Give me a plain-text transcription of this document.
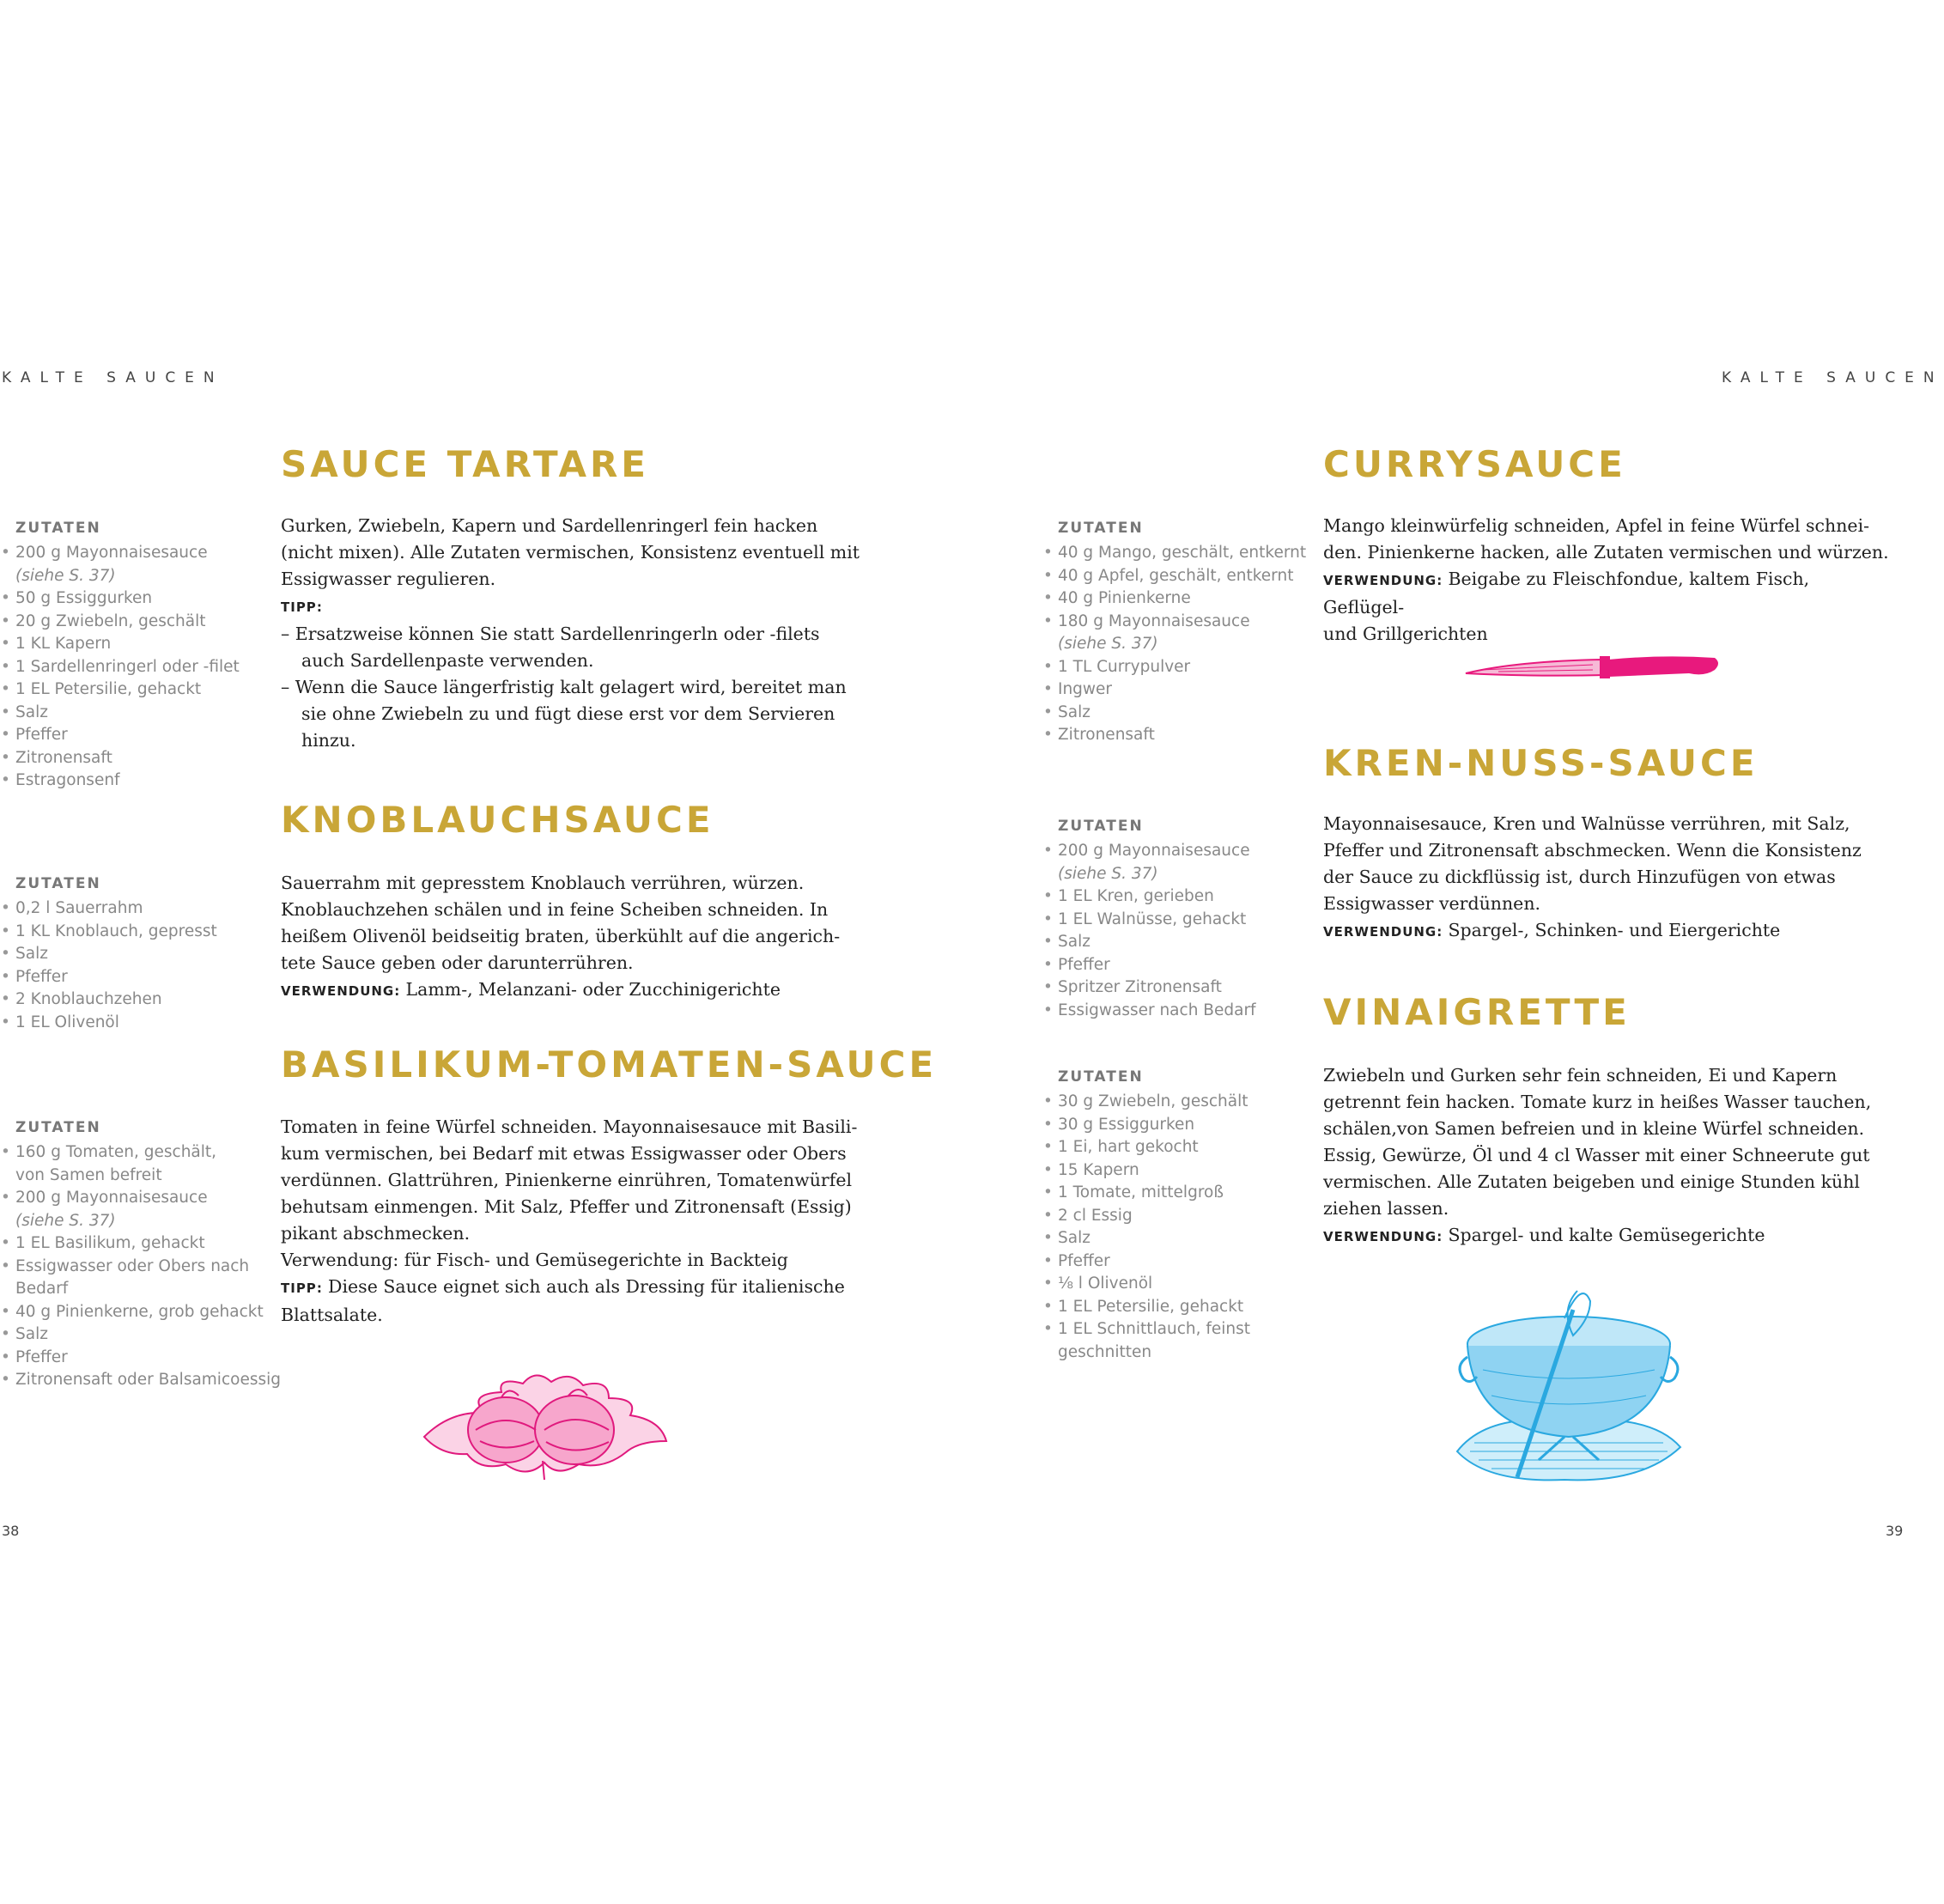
KALTE SAUCEN	KALTE SAUCEN
ZUTATEN
• 200 g Mayonnaisesauce
(siehe S. 37)
• 50 g Essiggurken
• 20 g Zwiebeln, geschält
• 1 KL Kapern
• 1 Sardellenringerl oder -filet
• 1 EL Petersilie, gehackt
• Salz
• Pfeffer
• Zitronensaft
• Estragonsenf
ZUTATEN
• 0,2 l Sauerrahm
• 1 KL Knoblauch, gepresst
• Salz
• Pfeffer
• 2 Knoblauchzehen
• 1 EL Olivenöl
ZUTATEN
• 160 g Tomaten, geschält,
von Samen befreit
• 200 g Mayonnaisesauce
(siehe S. 37)
• 1 EL Basilikum, gehackt
• Essigwasser oder Obers nach
Bedarf
• 40 g Pinienkerne, grob gehackt
• Salz
• Pfeffer
• Zitronensaft oder Balsamicoessig
SAUCE TARTARE

Gurken, Zwiebeln, Kapern und Sardellenringerl fein hacken

(nicht mixen). Alle Zutaten vermischen, Konsistenz eventuell mit

Essigwasser regulieren.

TIPP:

– Ersatzweise können Sie statt Sardellenringerln oder -filets
auch Sardellenpaste verwenden.
– Wenn die Sauce längerfristig kalt gelagert wird, bereitet man
sie ohne Zwiebeln zu und fügt diese erst vor dem Servieren
hinzu.
KNOBLAUCHSAUCE

Sauerrahm mit gepresstem Knoblauch verrühren, würzen.

Knoblauchzehen schälen und in feine Scheiben schneiden. In

heißem Olivenöl beidseitig braten, überkühlt auf die angerich-

tete Sauce geben oder darunterrühren.

VERWENDUNG: Lamm-, Melanzani- oder Zucchinigerichte

BASILIKUM-TOMATEN-SAUCE

Tomaten in feine Würfel schneiden. Mayonnaisesauce mit Basili-

kum vermischen, bei Bedarf mit etwas Essigwasser oder Obers

verdünnen. Glattrühren, Pinienkerne einrühren, Tomatenwürfel

behutsam einmengen. Mit Salz, Pfeffer und Zitronensaft (Essig)

pikant abschmecken.

Verwendung: für Fisch- und Gemüsegerichte in Backteig

TIPP: Diese Sauce eignet sich auch als Dressing für italienische

Blattsalate.

38
ZUTATEN
• 40 g Mango, geschält, entkernt
• 40 g Apfel, geschält, entkernt
• 40 g Pinienkerne
• 180 g Mayonnaisesauce
(siehe S. 37)
• 1 TL Currypulver
• Ingwer
• Salz
• Zitronensaft
ZUTATEN
• 200 g Mayonnaisesauce
(siehe S. 37)
• 1 EL Kren, gerieben
• 1 EL Walnüsse, gehackt
• Salz
• Pfeffer
• Spritzer Zitronensaft
• Essigwasser nach Bedarf
ZUTATEN
• 30 g Zwiebeln, geschält
• 30 g Essiggurken
• 1 Ei, hart gekocht
• 15 Kapern
• 1 Tomate, mittelgroß
• 2 cl Essig
• Salz
• Pfeffer
• ⅛ l Olivenöl
• 1 EL Petersilie, gehackt
• 1 EL Schnittlauch, feinst
geschnitten
CURRYSAUCE

Mango kleinwürfelig schneiden, Apfel in feine Würfel schnei-

den. Pinienkerne hacken, alle Zutaten vermischen und würzen.

VERWENDUNG: Beigabe zu Fleischfondue, kaltem Fisch, Geflügel-

und Grillgerichten

KREN-NUSS-SAUCE

Mayonnaisesauce, Kren und Walnüsse verrühren, mit Salz,

Pfeffer und Zitronensaft abschmecken. Wenn die Konsistenz

der Sauce zu dickflüssig ist, durch Hinzufügen von etwas

Essigwasser verdünnen.

VERWENDUNG: Spargel-, Schinken- und Eiergerichte

VINAIGRETTE

Zwiebeln und Gurken sehr fein schneiden, Ei und Kapern

getrennt fein hacken. Tomate kurz in heißes Wasser tauchen,

schälen,von Samen befreien und in kleine Würfel schneiden.

Essig, Gewürze, Öl und 4 cl Wasser mit einer Schneerute gut

vermischen. Alle Zutaten beigeben und einige Stunden kühl

ziehen lassen.

VERWENDUNG: Spargel- und kalte Gemüsegerichte

39
